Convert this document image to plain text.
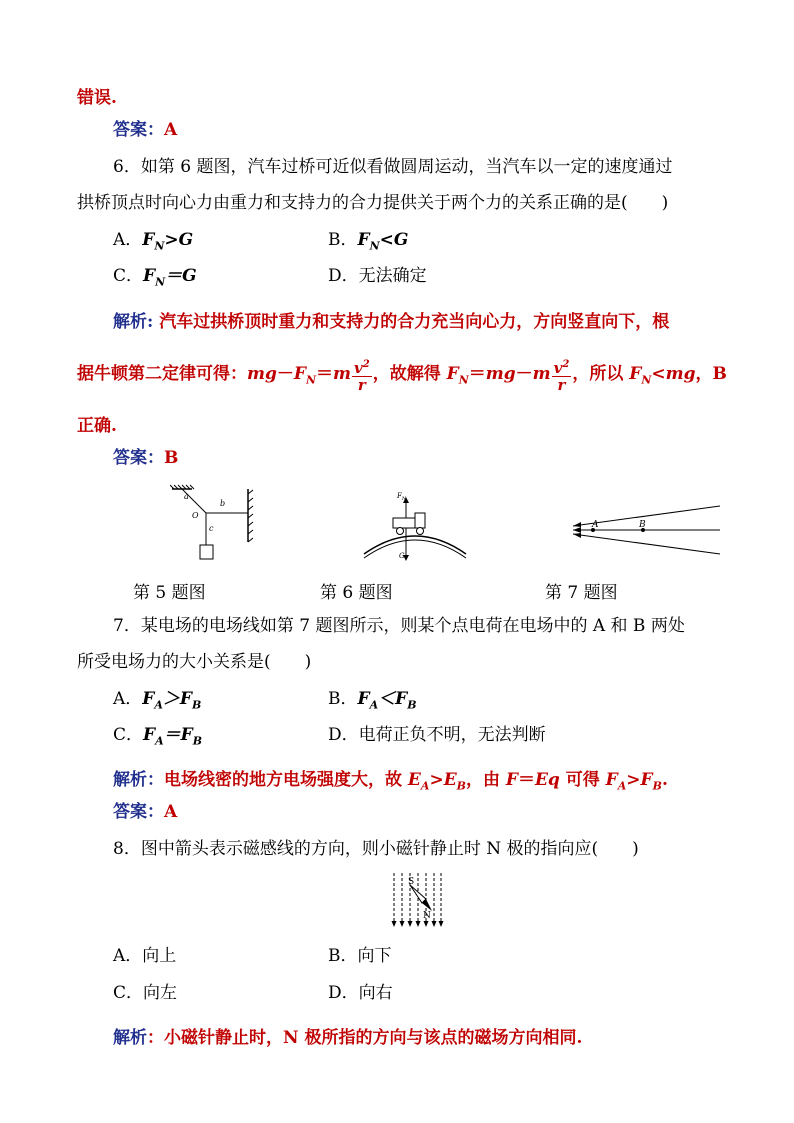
错误.
答案：A
6．如第 6 题图，汽车过桥可近似看做圆周运动，当汽车以一定的速度通过
拱桥顶点时向心力由重力和支持力的合力提供关于两个力的关系正确的是(　　)
A．$F_N>G$	B．$F_N<G$
C．$F_N=G$	D．无法确定
解析: 汽车过拱桥顶时重力和支持力的合力充当向心力，方向竖直向下，根
据牛顿第二定律可得：$mg-F_N=m \frac{v^2}{r}$ ，故解得 $F_N=mg-m \frac{v^2}{r}$ ，所以 $F_N<mg$，B
正确.
答案：B
a
b
O
c
$F_N$
G
A	B
第 5 题图	第 6 题图	第 7 题图
7．某电场的电场线如第 7 题图所示，则某个点电荷在电场中的 A 和 B 两处
所受电场力的大小关系是(　　)
A．$F_A>F_B$	B．$F_A<F_B$
C．$F_A=F_B$	D．电荷正负不明，无法判断
解析：电场线密的地方电场强度大，故 $E_A>E_B$，由 F＝Eq 可得 $F_A>F_B$.
答案：A
8．图中箭头表示磁感线的方向，则小磁针静止时 N 极的指向应(　　)
S
N
A．向上	B．向下
C．向左	D．向右
解析：小磁针静止时，N 极所指的方向与该点的磁场方向相同.
